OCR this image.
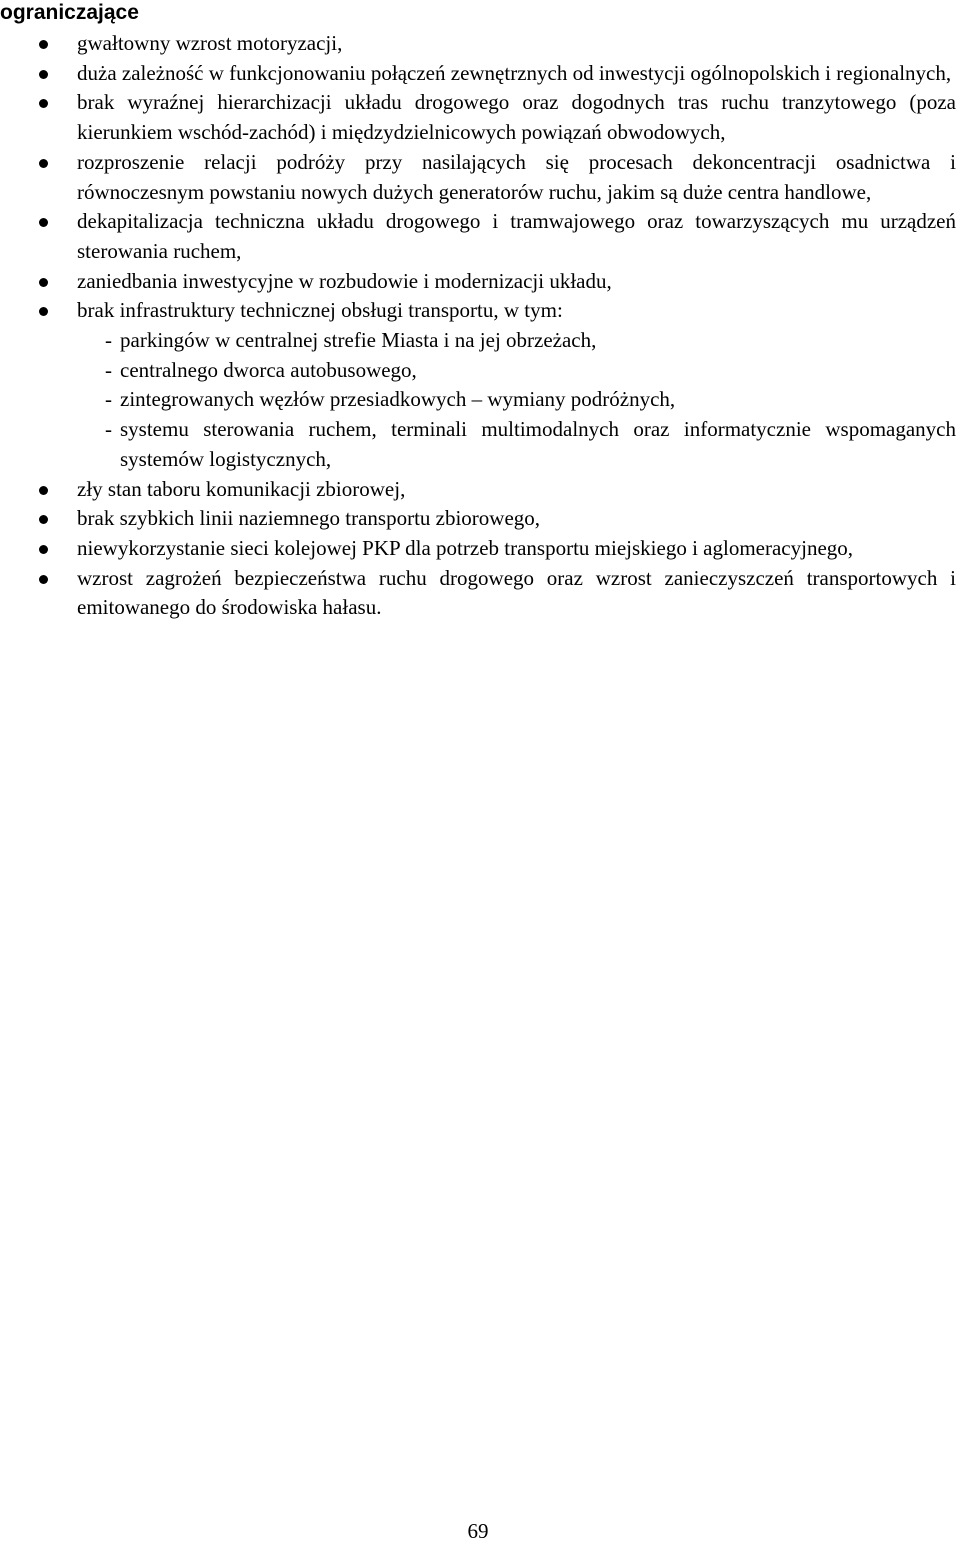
ograniczające
gwałtowny wzrost motoryzacji,
duża zależność w funkcjonowaniu połączeń zewnętrznych od inwestycji ogólnopolskich i regionalnych,
brak wyraźnej hierarchizacji układu drogowego oraz dogodnych tras ruchu tranzytowego (poza kierunkiem wschód-zachód) i międzydzielnicowych powiązań obwodowych,
rozproszenie relacji podróży przy nasilających się procesach dekoncentracji osadnictwa i równoczesnym powstaniu nowych dużych generatorów ruchu, jakim są duże centra handlowe,
dekapitalizacja techniczna układu drogowego i tramwajowego oraz towarzyszących mu urządzeń sterowania ruchem,
zaniedbania inwestycyjne w rozbudowie i modernizacji układu,
brak infrastruktury technicznej obsługi transportu, w tym:
- parkingów w centralnej strefie Miasta i na jej obrzeżach,
- centralnego dworca autobusowego,
- zintegrowanych węzłów przesiadkowych – wymiany podróżnych,
- systemu sterowania ruchem, terminali multimodalnych oraz informatycznie wspomaganych systemów logistycznych,
zły stan taboru komunikacji zbiorowej,
brak szybkich linii naziemnego transportu zbiorowego,
niewykorzystanie sieci kolejowej PKP dla potrzeb transportu miejskiego i aglomeracyjnego,
wzrost zagrożeń bezpieczeństwa ruchu drogowego oraz wzrost zanieczyszczeń transportowych i emitowanego do środowiska hałasu.
69
